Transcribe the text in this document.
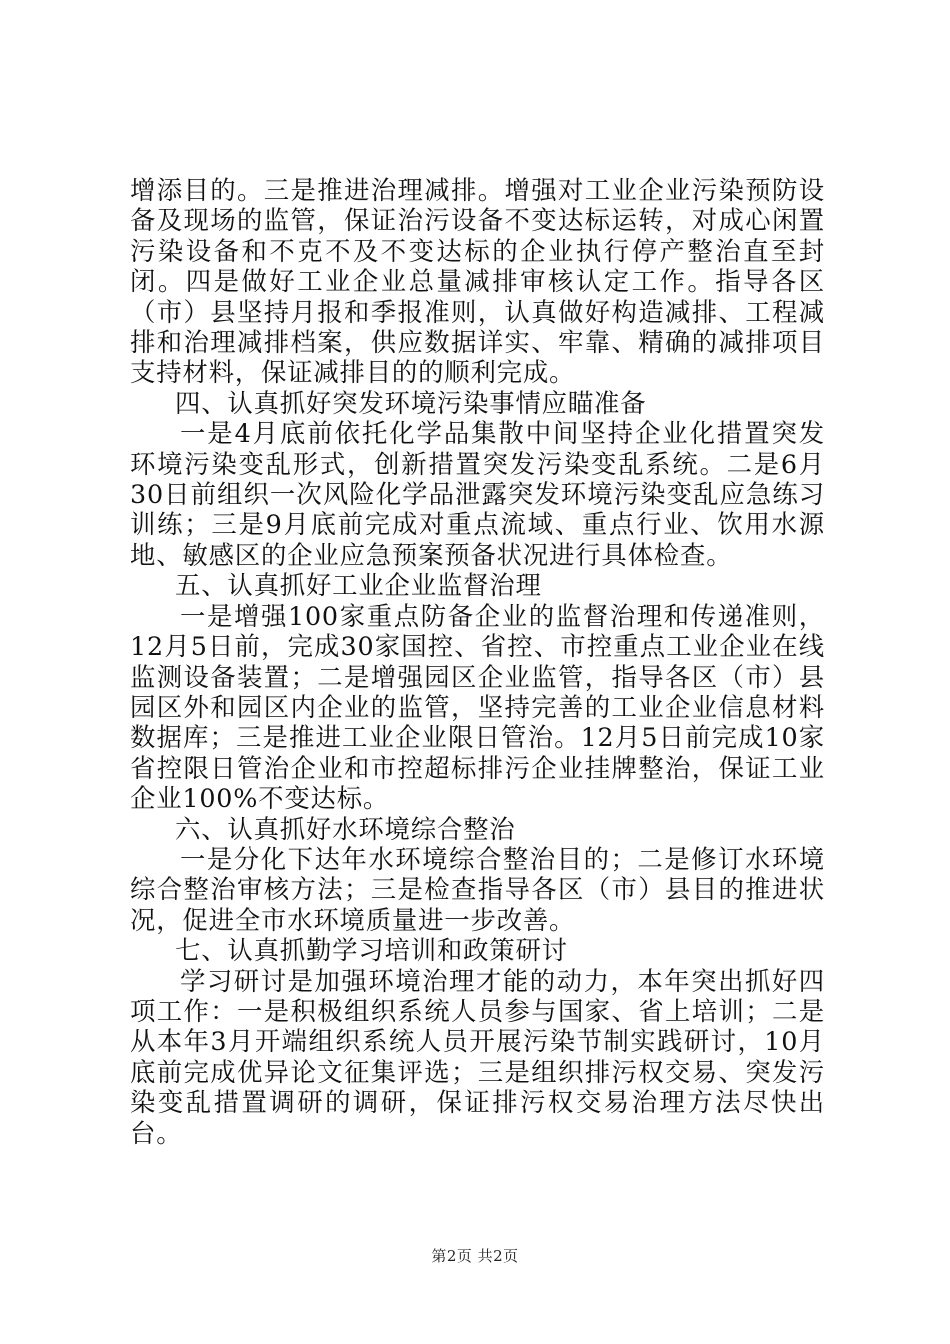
增添目的。三是推进治理减排。增强对工业企业污染预防设备及现场的监管，保证治污设备不变达标运转，对成心闲置污染设备和不克不及不变达标的企业执行停产整治直至封闭。四是做好工业企业总量减排审核认定工作。指导各区（市）县坚持月报和季报准则，认真做好构造减排、工程减排和治理减排档案，供应数据详实、牢靠、精确的减排项目支持材料，保证减排目的的顺利完成。

四、认真抓好突发环境污染事情应瞄准备

一是4月底前依托化学品集散中间坚持企业化措置突发环境污染变乱形式，创新措置突发污染变乱系统。二是6月30日前组织一次风险化学品泄露突发环境污染变乱应急练习训练；三是9月底前完成对重点流域、重点行业、饮用水源地、敏感区的企业应急预案预备状况进行具体检查。

五、认真抓好工业企业监督治理

一是增强100家重点防备企业的监督治理和传递准则，12月5日前，完成30家国控、省控、市控重点工业企业在线监测设备装置；二是增强园区企业监管，指导各区（市）县园区外和园区内企业的监管，坚持完善的工业企业信息材料数据库；三是推进工业企业限日管治。12月5日前完成10家省控限日管治企业和市控超标排污企业挂牌整治，保证工业企业100%不变达标。

六、认真抓好水环境综合整治

一是分化下达年水环境综合整治目的；二是修订水环境综合整治审核方法；三是检查指导各区（市）县目的推进状况，促进全市水环境质量进一步改善。

七、认真抓勤学习培训和政策研讨

学习研讨是加强环境治理才能的动力，本年突出抓好四项工作：一是积极组织系统人员参与国家、省上培训；二是从本年3月开端组织系统人员开展污染节制实践研讨，10月底前完成优异论文征集评选；三是组织排污权交易、突发污染变乱措置调研的调研，保证排污权交易治理方法尽快出台。

第2页 共2页
